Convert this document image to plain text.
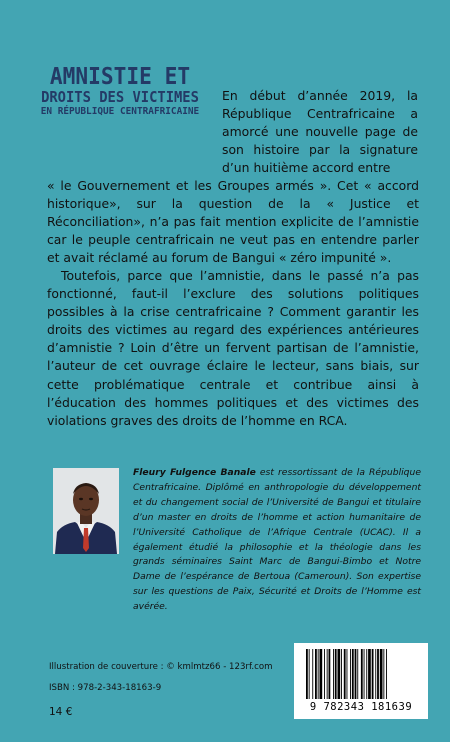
AMNISTIE ET
DROITS DES VICTIMES
EN RÉPUBLIQUE CENTRAFRICAINE

En début d’année 2019, la République Centrafricaine a amorcé une nouvelle page de son histoire par la signature d’un huitième accord entre

« le Gouvernement et les Groupes armés ». Cet « accord historique», sur la question de la « Justice et Réconciliation», n’a pas fait mention explicite de l’amnistie car le peuple centrafricain ne veut pas en entendre parler et avait réclamé au forum de Bangui « zéro impunité ».

Toutefois, parce que l’amnistie, dans le passé n’a pas fonctionné, faut-il l’exclure des solutions politiques possibles à la crise centrafricaine ? Comment garantir les droits des victimes au regard des expériences antérieures d’amnistie ? Loin d’être un fervent partisan de l’amnistie, l’auteur de cet ouvrage éclaire le lecteur, sans biais, sur cette problématique centrale et contribue ainsi à l’éducation des hommes politiques et des victimes des violations graves des droits de l’homme en RCA.

Fleury Fulgence Banale est ressortissant de la République Centrafricaine. Diplômé en anthropologie du développement et du changement social de l’Université de Bangui et titulaire d’un master en droits de l’homme et action humanitaire de l’Université Catholique de l’Afrique Centrale (UCAC). Il a également étudié la philosophie et la théologie dans les grands séminaires Saint Marc de Bangui-Bimbo et Notre Dame de l’espérance de Bertoua (Cameroun). Son expertise sur les questions de Paix, Sécurité et Droits de l’Homme est avérée.

Illustration de couverture : © kmlmtz66 - 123rf.com
ISBN : 978-2-343-18163-9
14 €	9 782343 181639
